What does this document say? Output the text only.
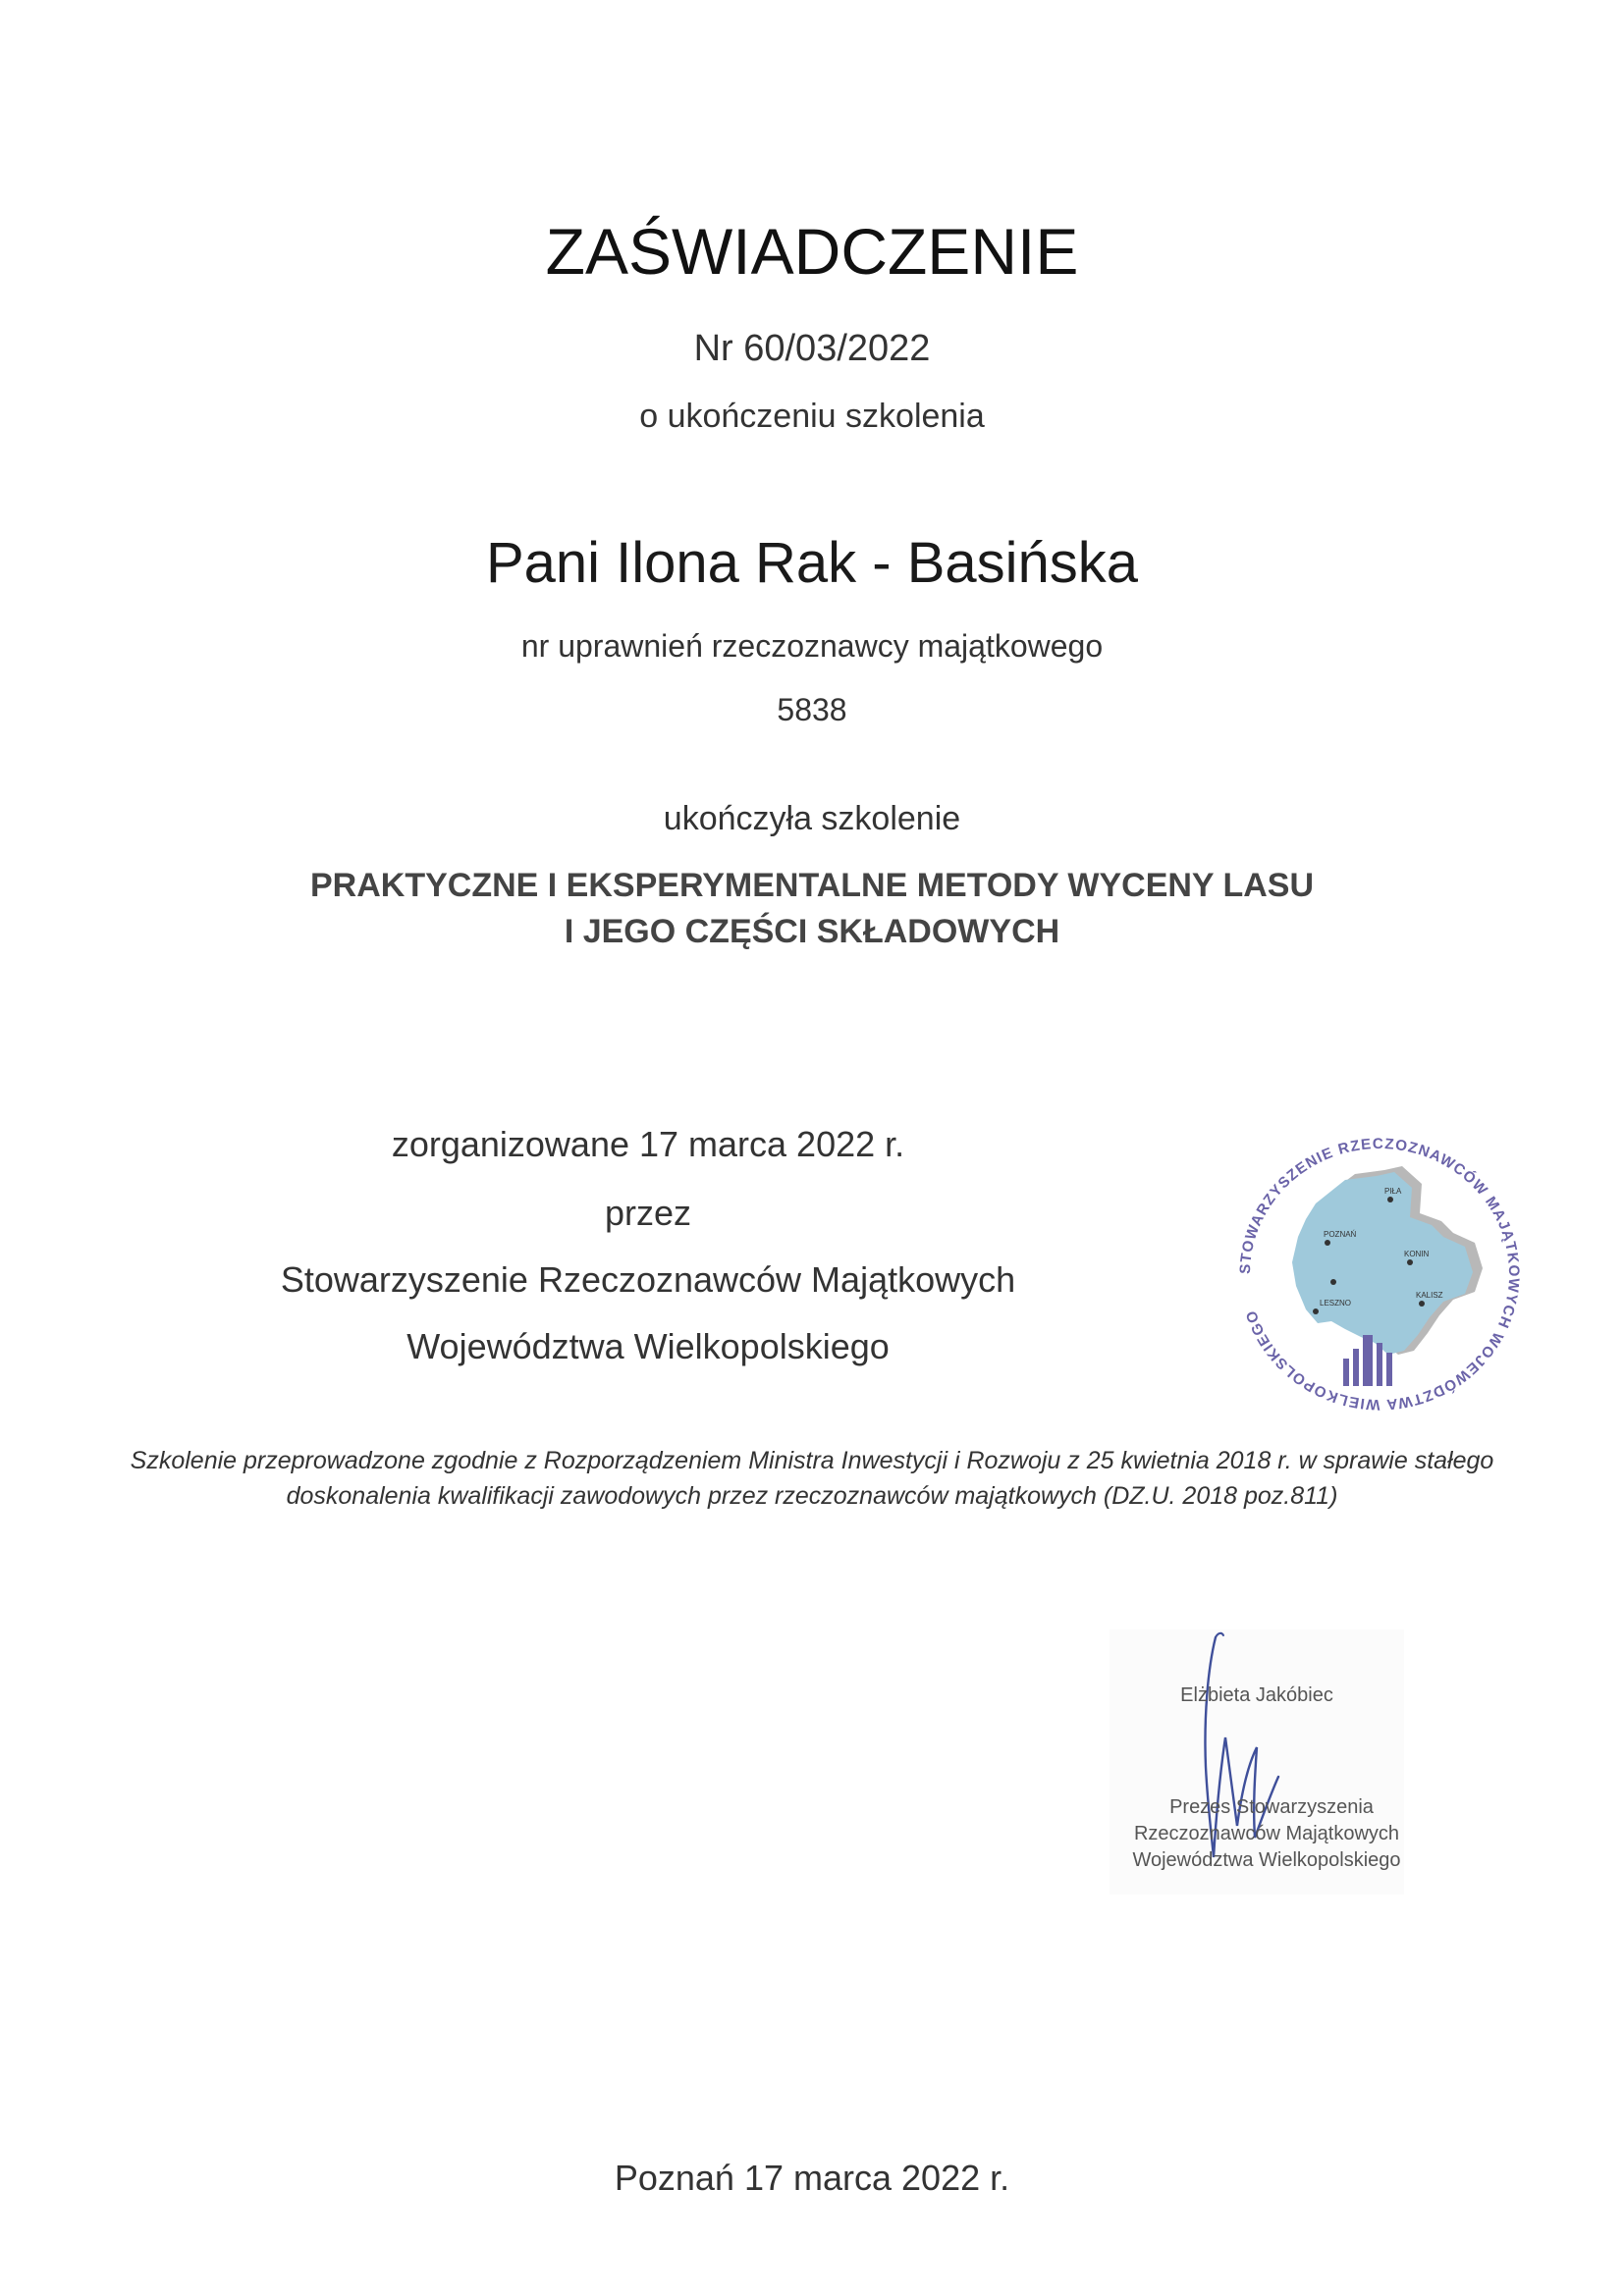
ZAŚWIADCZENIE
Nr 60/03/2022
o ukończeniu szkolenia
Pani Ilona Rak - Basińska
nr uprawnień rzeczoznawcy majątkowego
5838
ukończyła szkolenie
PRAKTYCZNE I EKSPERYMENTALNE METODY WYCENY LASU
I JEGO CZĘŚCI SKŁADOWYCH
zorganizowane 17 marca 2022 r.
przez
Stowarzyszenie Rzeczoznawców Majątkowych
Województwa Wielkopolskiego
STOWARZYSZENIE RZECZOZNAWCÓW MAJĄTKOWYCH WOJEWÓDZTWA WIELKOPOLSKIEGO
POZNAŃ
LESZNO
PIŁA
KONIN
KALISZ
Szkolenie przeprowadzone zgodnie z Rozporządzeniem Ministra Inwestycji i Rozwoju z 25 kwietnia 2018 r. w sprawie stałego
doskonalenia kwalifikacji zawodowych przez rzeczoznawców majątkowych (DZ.U. 2018 poz.811)
Elżbieta Jakóbiec
Prezes Stowarzyszenia
Rzeczoznawców Majątkowych
Województwa Wielkopolskiego
Poznań 17 marca 2022 r.
